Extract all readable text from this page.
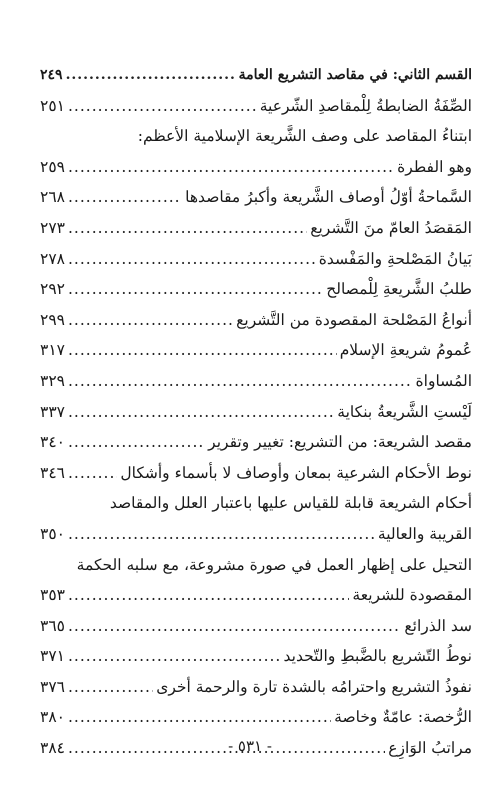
القسم الثاني: في مقاصد التشريع العامة
.....
٢٤٩
الصِّفَةُ الضابطةُ لِلْمقاصدِ الشّرعية
.....
٢٥١
ابتناءُ المقاصد على وصف الشَّريعة الإسلامية الأعظم:
وهو الفطرة
.....
٢٥٩
السَّماحةُ أوّلُ أوصاف الشَّريعة وأكبرُ مقاصدها
.....
٢٦٨
المَقصَدُ العامّ منَ التَّشريع
.....
٢٧٣
بَيانُ المَصْلحةِ والمَفْسدة
.....
٢٧٨
طلبُ الشَّريعةِ لِلْمصالح
.....
٢٩٢
أنواعُ المَصْلحة المقصودة من التَّشريع
.....
٢٩٩
عُمومُ شريعةِ الإسلام
.....
٣١٧
المُساواة
.....
٣٢٩
لَيْستِ الشَّريعةُ بنكاية
.....
٣٣٧
مقصد الشريعة: من التشريع: تغيير وتقرير
.....
٣٤٠
نوط الأحكام الشرعية بمعان وأوصاف لا بأسماء وأشكال
.....
٣٤٦
أحكام الشريعة قابلة للقياس عليها باعتبار العلل والمقاصد
القريبة والعالية
.....
٣٥٠
التحيل على إظهار العمل في صورة مشروعة، مع سلبه الحكمة
المقصودة للشريعة
.....
٣٥٣
سد الذرائع
.....
٣٦٥
نوطُ التّشريع بالضَّبطِ والتّحديد
.....
٣٧١
نفوذُ التشريع واحترامُه بالشدة تارة والرحمة أخرى
.....
٣٧٦
الرُّخصة: عامّةٌ وخاصة
.....
٣٨٠
مراتبُ الوَازِع
.....
٣٨٤	- ٥٣١ -
